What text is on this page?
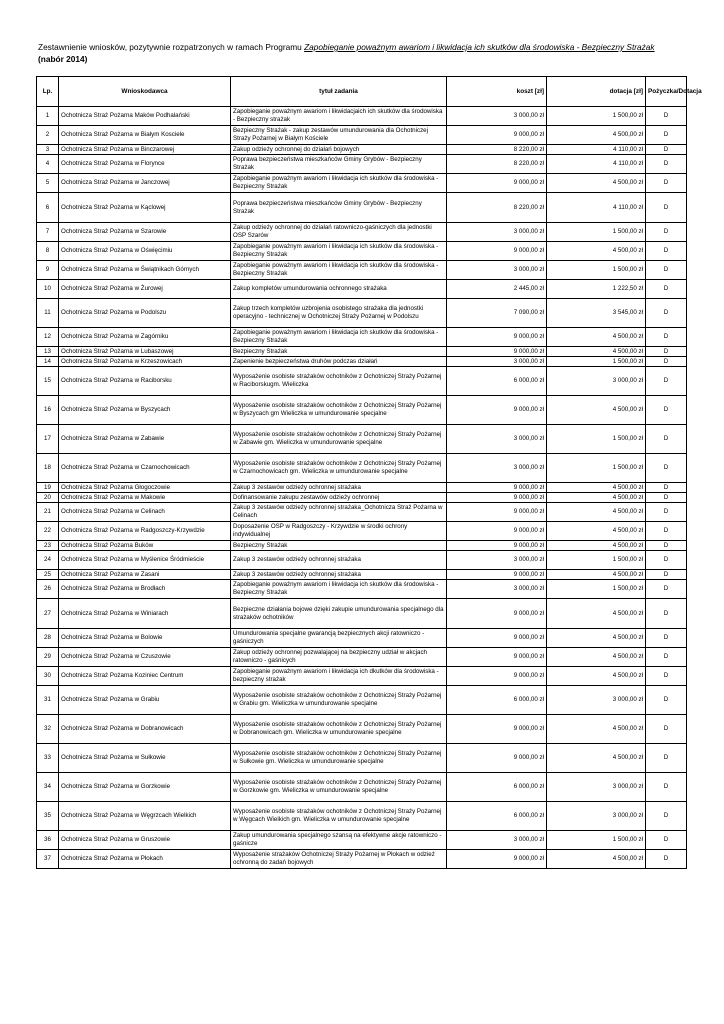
Zestawnienie wniosków, pozytywnie rozpatrzonych w ramach Programu Zapobieganie poważnym awariom i likwidacja ich skutków dla środowiska - Bezpieczny Strażak (nabór 2014)
Lp.	Wnioskodawca	tytuł zadania	koszt [zł]	dotacja [zł]	Pożyczka/Dotacja
1	Ochotnicza Straż Pożarna Maków Podhalański	Zapobieganie poważnym awariom i likwidacjaich ich skutków dla środowiska - Bezpieczny strażak	3 000,00 zł	1 500,00 zł	D
2	Ochotnicza Straż Pożarna w Białym Kosciele	Bezpieczny Strażak - zakup zestawów umundurowania dla Ochotniczej Straży Pożarnej w Białym Kościele	9 000,00 zł	4 500,00 zł	D
3	Ochotnicza Straż Pożarna w Binczarowej	Zakup odzieży ochronnej do działań bojowych	8 220,00 zł	4 110,00 zł	D
4	Ochotnicza Straż Pożarna w Florynce	Poprawa bezpieczeństwa mieszkańców Gminy Grybów - Bezpieczny Strażak	8 220,00 zł	4 110,00 zł	D
5	Ochotnicza Straż Pożarna w Janczowej	Zapobieganie poważnym awariom i likwidacja ich skutków dla środowiska - Bezpieczny Strażak	9 000,00 zł	4 500,00 zł	D
6	Ochotnicza Straż Pożarna w Kąclowej	Poprawa bezpieczeństwa mieszkańców Gminy Grybów - Bezpieczny Strażak	8 220,00 zł	4 110,00 zł	D
7	Ochotnicza Straż Pożarna w Szarowie	Zakup odzieży ochronnej do działań ratowniczo-gaśniczych dla jednostki OSP Szarów	3 000,00 zł	1 500,00 zł	D
8	Ochotnicza Straż Pożarna w Oświęcimiu	Zapobieganie poważnym awariom i likwidacja ich skutków dla środowiska - Bezpieczny Strażak	9 000,00 zł	4 500,00 zł	D
9	Ochotnicza Straż Pożarna w Świątnikach Górnych	Zapobieganie poważnym awariom i likwidacja ich skutków dla środowiska - Bezpieczny Strażak	3 000,00 zł	1 500,00 zł	D
10	Ochotnicza Straż Pożarna w Żurowej	Zakup kompletów umundurowania ochronnego strażaka	2 445,00 zł	1 222,50 zł	D
11	Ochotnicza Straż Pożarna w Podolszu	Zakup trzech kompletów uzbrojenia osobistego strażaka dla jednostki operacyjno - technicznej w Ochotniczej Straży Pożarnej w Podolszu	7 090,00 zł	3 545,00 zł	D
12	Ochotnicza Straż Pożarna w Zagórniku	Zapobieganie poważnym awariom i likwidacja ich skutków dla środowiska - Bezpieczny Strażak	9 000,00 zł	4 500,00 zł	D
13	Ochotnicza Straż Pożarna w Lubaszowej	Bezpieczny Strażak	9 000,00 zł	4 500,00 zł	D
14	Ochotnicza Straż Pożarna w Krzeszowicach	Zapenienie bezpieczeństwa druhów podczas działań	3 000,00 zł	1 500,00 zł	D
15	Ochotnicza Straż Pożarna w Raciborsku	Wyposażenie osobiste strażaków ochotników z Ochotniczej Straży Pożarnej w Raciborskugm. Wieliczka	6 000,00 zł	3 000,00 zł	D
16	Ochotnicza Straż Pożarna w Byszycach	Wyposażenie osobiste strażaków ochotników z Ochotniczej Straży Pożarnej w Byszycach gm Wieliczka w umundurowanie specjalne	9 000,00 zł	4 500,00 zł	D
17	Ochotnicza Straż Pożarna w Zabawie	Wyposażenie osobiste strażaków ochotników z Ochotniczej Straży Pożarnej w Zabawie gm. Wieliczka w umundurowanie specjalne	3 000,00 zł	1 500,00 zł	D
18	Ochotnicza Straż Pożarna w Czarnochowicach	Wyposażenie osobiste strażaków ochotników z Ochotniczej Straży Pożarnej w Czarnochowicach gm. Wieliczka w umundurowanie specjalne	3 000,00 zł	1 500,00 zł	D
19	Ochotnicza Straż Pożarna Głogoczowie	Zakup 3 zestawów odzieży ochronnej strażaka	9 000,00 zł	4 500,00 zł	D
20	Ochotnicza Straż Pożarna w Makowie	Dofinansowanie zakupu zestawów odzieży ochronnej	9 000,00 zł	4 500,00 zł	D
21	Ochotnicza Straż Pożarna w Celinach	Zakup 3 zestawów odzieży ochronnej strażaka_Ochotnicza Straż Pożarna w Celinach	9 000,00 zł	4 500,00 zł	D
22	Ochotnicza Straż Pożarna w Radgoszczy-Krzywdzie	Doposażenie OSP w Radgoszczy - Krzywdzie w środki ochrony indywidualnej	9 000,00 zł	4 500,00 zł	D
23	Ochotnicza Straż Pożarna Buków	Bezpieczny Strażak	9 000,00 zł	4 500,00 zł	D
24	Ochotnicza Straż Pożarna w Myślenice Śródmieście	Zakup 3 zestawów odzieży ochronnej strażaka	3 000,00 zł	1 500,00 zł	D
25	Ochotnicza Straż Pożarna w Zasani	Zakup 3 zestawów odzieży ochronnej strażaka	9 000,00 zł	4 500,00 zł	D
26	Ochotnicza Straż Pożarna w Brodłach	Zapobieganie poważnym awariom i likwidacja ich skutków dla środowiska - Bezpieczny Strażak	3 000,00 zł	1 500,00 zł	D
27	Ochotnicza Straż Pożarna w Winiarach	Bezpieczne działania bojowe dzięki zakupie umundurowania specjalnego dla strażaków ochotników	9 000,00 zł	4 500,00 zł	D
28	Ochotnicza Straż Pożarna w Bolowie	Umundurowania specjalne gwarancją bezpiecznych akcji ratowniczo - gaśniczych	9 000,00 zł	4 500,00 zł	D
29	Ochotnicza Straż Pożarna w Czuszowie	Zakup odzieży ochronnej pozwalającej na bezpieczny udział w akcjach ratowniczo - gaśnicych	9 000,00 zł	4 500,00 zł	D
30	Ochotnicza Straż Pożarna Koziniec Centrum	Zapobieganie poważnym awariom i likwidacja ich dkutków dla środowiska - bezpieczny strażak	9 000,00 zł	4 500,00 zł	D
31	Ochotnicza Straż Pożarna w Grabiu	Wyposażenie osobiste strażaków ochotników z Ochotniczej Straży Pożarnej w Grabiu gm. Wieliczka w umundurowanie specjalne	6 000,00 zł	3 000,00 zł	D
32	Ochotnicza Straż Pożarna w Dobranowicach	Wyposażenie osobiste strażaków ochotników z Ochotniczej Straży Pożarnej w Dobranowicach gm. Wieliczka w umundurowanie specjalne	9 000,00 zł	4 500,00 zł	D
33	Ochotnicza Straż Pożarna w Sułkowie	Wyposażenie osobiste strażaków ochotników z Ochotniczej Straży Pożarnej w Sułkowie gm. Wieliczka w umundurowanie specjalne	9 000,00 zł	4 500,00 zł	D
34	Ochotnicza Straż Pożarna w Gorzkowie	Wyposażenie osobiste strażaków ochotników z Ochotniczej Straży Pożarnej w Gorzkowie gm. Wieliczka w umundurowanie specjalne	6 000,00 zł	3 000,00 zł	D
35	Ochotnicza Straż Pożarna w Węgrzcach Wielkich	Wyposażenie osobiste strażaków ochotników z Ochotniczej Straży Pożarnej w Węgcach Wielkich gm. Wieliczka w umundurowanie specjalne	6 000,00 zł	3 000,00 zł	D
36	Ochotnicza Straż Pożarna w Gruszowie	Zakup umundurowania specjalnego szansą na efektywne akcje ratowniczo - gaśnicze	3 000,00 zł	1 500,00 zł	D
37	Ochotnicza Straż Pożarna w Płokach	Wyposażenie strażaków Ochotniczej Straży Pożarnej w Płokach w odzież ochronną do zadań bojowych	9 000,00 zł	4 500,00 zł	D
